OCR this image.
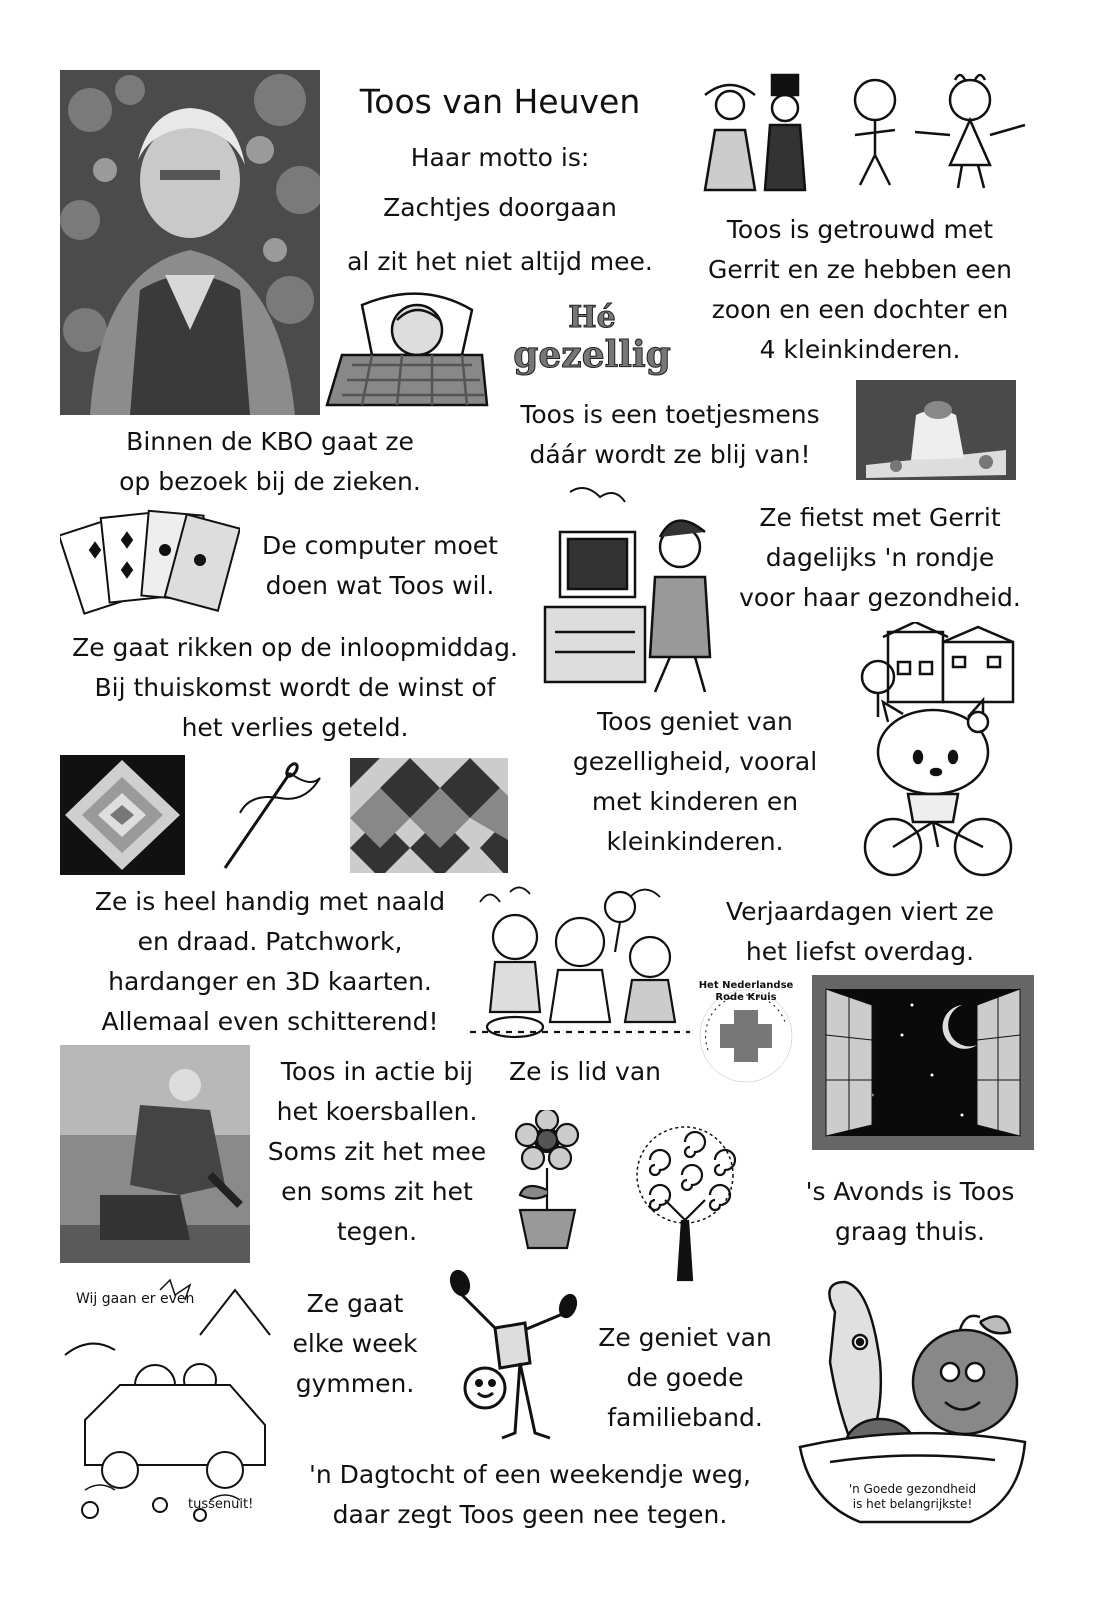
Toos van Heuven
Haar motto is:
Zachtjes doorgaan
al zit het niet altijd mee.
Toos is getrouwd met
Gerrit en ze hebben een
zoon en een dochter en
4 kleinkinderen.
Hé
gezellig
Toos is een toetjesmens
dáár wordt ze blij van!
Binnen de KBO gaat ze
op bezoek bij de zieken.
De computer moet
doen wat Toos wil.
Ze fietst met Gerrit
dagelijks 'n rondje
voor haar gezondheid.
Ze gaat rikken op de inloopmiddag.
Bij thuiskomst wordt de winst of
het verlies geteld.	Toos geniet van
gezelligheid, vooral
met kinderen en
kleinkinderen.
Ze is heel handig met naald
en draad. Patchwork,
hardanger en 3D kaarten.
Allemaal even schitterend!
Verjaardagen viert ze
het liefst overdag.
Het Nederlandse Rode Kruis
Ze is lid van
Toos in actie bij
het koersballen.
Soms zit het mee
en soms zit het
tegen.
's Avonds is Toos
graag thuis.
Wij gaan er even
tussenuit!
Ze gaat
elke week
gymmen.
Ze geniet van
de goede
familieband.
'n Goede gezondheid
is het belangrijkste!
'n Dagtocht of een weekendje weg,
daar zegt Toos geen nee tegen.
